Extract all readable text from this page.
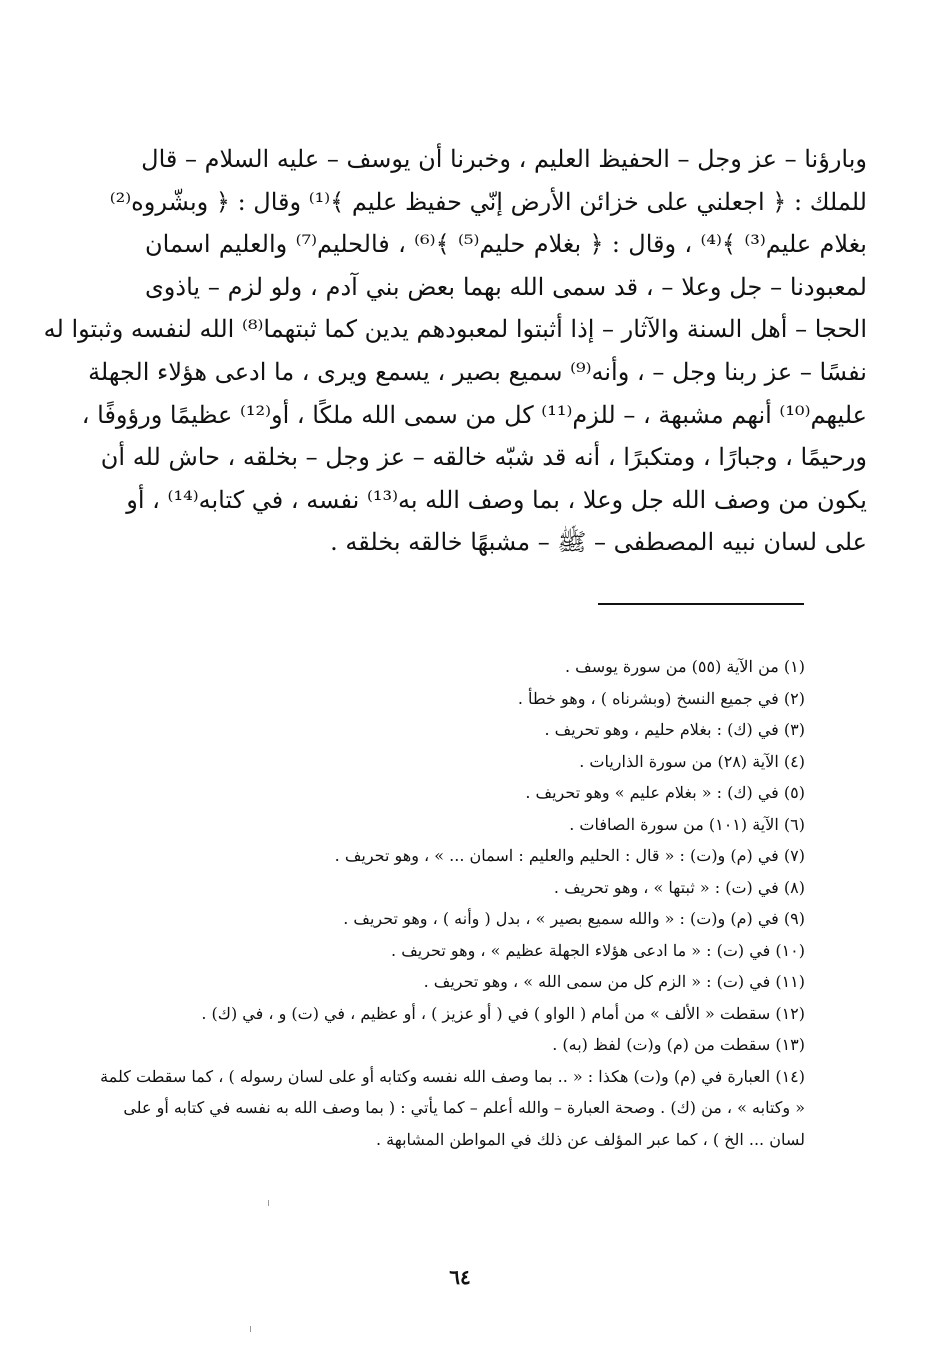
وبارؤنا – عز وجل – الحفيظ العليم ، وخبرنا أن يوسف – عليه السلام – قال
للملك : ﴿ اجعلني على خزائن الأرض إنّي حفيظ عليم ﴾⁽¹⁾ وقال : ﴿ وبشّروه⁽²⁾
بغلام عليم⁽³⁾ ﴾⁽⁴⁾ ، وقال : ﴿ بغلام حليم⁽⁵⁾ ﴾⁽⁶⁾ ، فالحليم⁽⁷⁾ والعليم اسمان
لمعبودنا – جل وعلا – ، قد سمى الله بهما بعض بني آدم ، ولو لزم – ياذوى
الحجا – أهل السنة والآثار – إذا أثبتوا لمعبودهم يدين كما ثبتهما⁽⁸⁾ الله لنفسه وثبتوا له
نفسًا – عز ربنا وجل – ، وأنه⁽⁹⁾ سميع بصير ، يسمع ويرى ، ما ادعى هؤلاء الجهلة
عليهم⁽¹⁰⁾ أنهم مشبهة ، – للزم⁽¹¹⁾ كل من سمى الله ملكًا ، أو⁽¹²⁾ عظيمًا ورؤوفًا ،
ورحيمًا ، وجبارًا ، ومتكبرًا ، أنه قد شبّه خالقه – عز وجل – بخلقه ، حاش لله أن
يكون من وصف الله جل وعلا ، بما وصف الله به⁽¹³⁾ نفسه ، في كتابه⁽¹⁴⁾ ، أو
على لسان نبيه المصطفى – ﷺ – مشبهًا خالقه بخلقه .
(١) من الآية (٥٥) من سورة يوسف .
(٢) في جميع النسخ (وبشرناه ) ، وهو خطأ .
(٣) في (ك) : بغلام حليم ، وهو تحريف .
(٤) الآية (٢٨) من سورة الذاريات .
(٥) في (ك) : « بغلام عليم » وهو تحريف .
(٦) الآية (١٠١) من سورة الصافات .
(٧) في (م) و(ت) : « قال : الحليم والعليم : اسمان ... » ، وهو تحريف .
(٨) في (ت) : « ثبتها » ، وهو تحريف .
(٩) في (م) و(ت) : « والله سميع بصير » ، بدل ( وأنه ) ، وهو تحريف .
(١٠) في (ت) : « ما ادعى هؤلاء الجهلة عظيم » ، وهو تحريف .
(١١) في (ت) : « الزم كل من سمى الله » ، وهو تحريف .
(١٢) سقطت « الألف » من أمام ( الواو ) في ( أو عزيز ) ، أو عظيم ، في (ت) و ، في (ك) .
(١٣) سقطت من (م) و(ت) لفظ (به) .
(١٤) العبارة في (م) و(ت) هكذا : « .. بما وصف الله نفسه وكتابه أو على لسان رسوله ) ، كما سقطت كلمة
« وكتابه » ، من (ك) . وصحة العبارة – والله أعلم – كما يأتي : ( بما وصف الله به نفسه في كتابه أو على
لسان ... الخ ) ، كما عبر المؤلف عن ذلك في المواطن المشابهة .
٦٤
